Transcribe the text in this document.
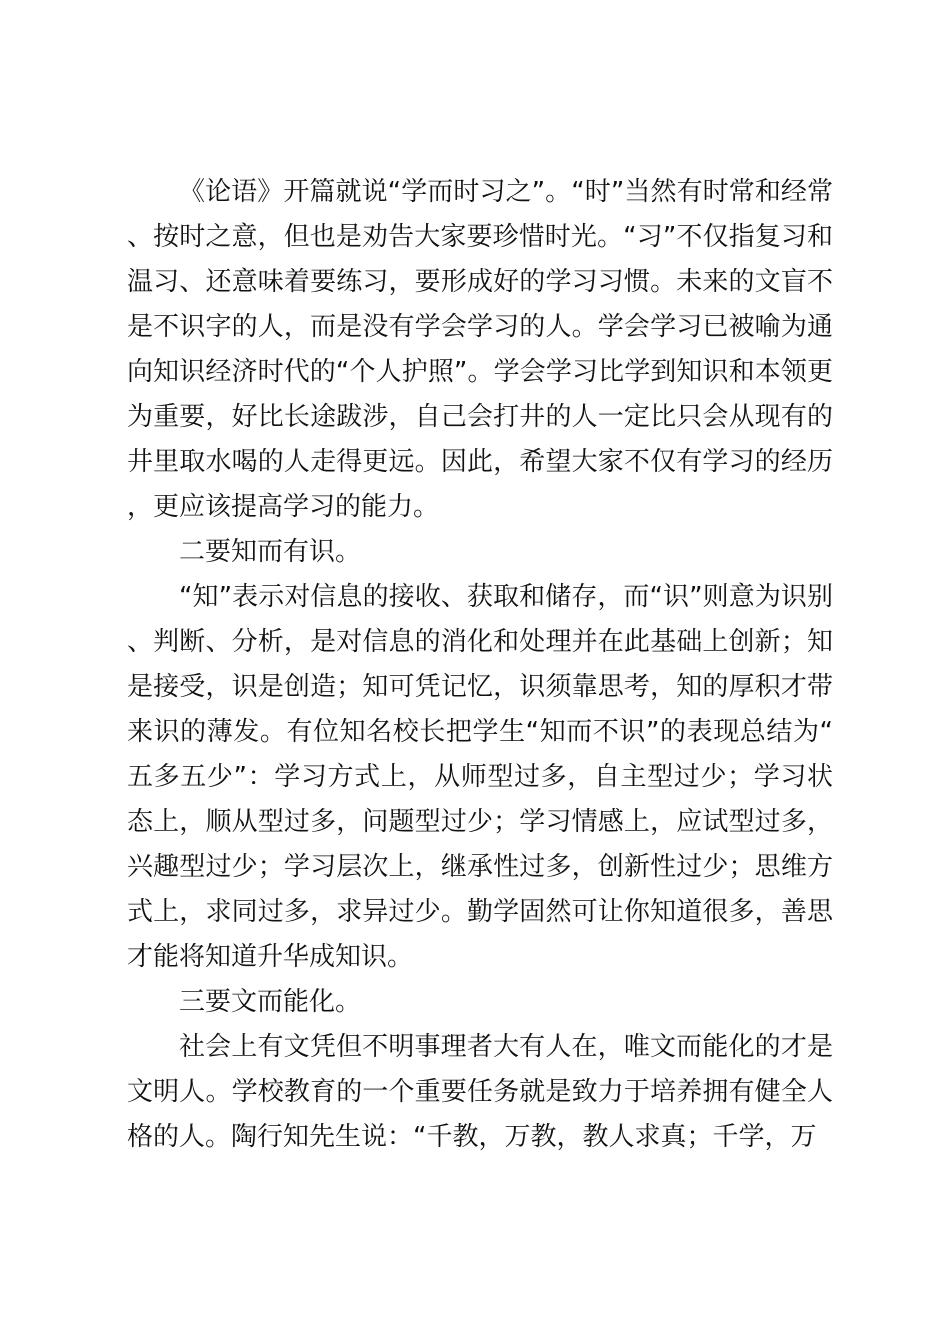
《论语》开篇就说“学而时习之”。“时”当然有时常和经常、按时之意，但也是劝告大家要珍惜时光。“习”不仅指复习和温习、还意味着要练习，要形成好的学习习惯。未来的文盲不是不识字的人，而是没有学会学习的人。学会学习已被喻为通向知识经济时代的“个人护照”。学会学习比学到知识和本领更为重要，好比长途跋涉，自己会打井的人一定比只会从现有的井里取水喝的人走得更远。因此，希望大家不仅有学习的经历，更应该提高学习的能力。

二要知而有识。

“知”表示对信息的接收、获取和储存，而“识”则意为识别、判断、分析，是对信息的消化和处理并在此基础上创新；知是接受，识是创造；知可凭记忆，识须靠思考，知的厚积才带来识的薄发。有位知名校长把学生“知而不识”的表现总结为“五多五少”：学习方式上，从师型过多，自主型过少；学习状态上，顺从型过多，问题型过少；学习情感上，应试型过多，兴趣型过少；学习层次上，继承性过多，创新性过少；思维方式上，求同过多，求异过少。勤学固然可让你知道很多，善思才能将知道升华成知识。

三要文而能化。

社会上有文凭但不明事理者大有人在，唯文而能化的才是文明人。学校教育的一个重要任务就是致力于培养拥有健全人格的人。陶行知先生说：“千教，万教，教人求真；千学，万
